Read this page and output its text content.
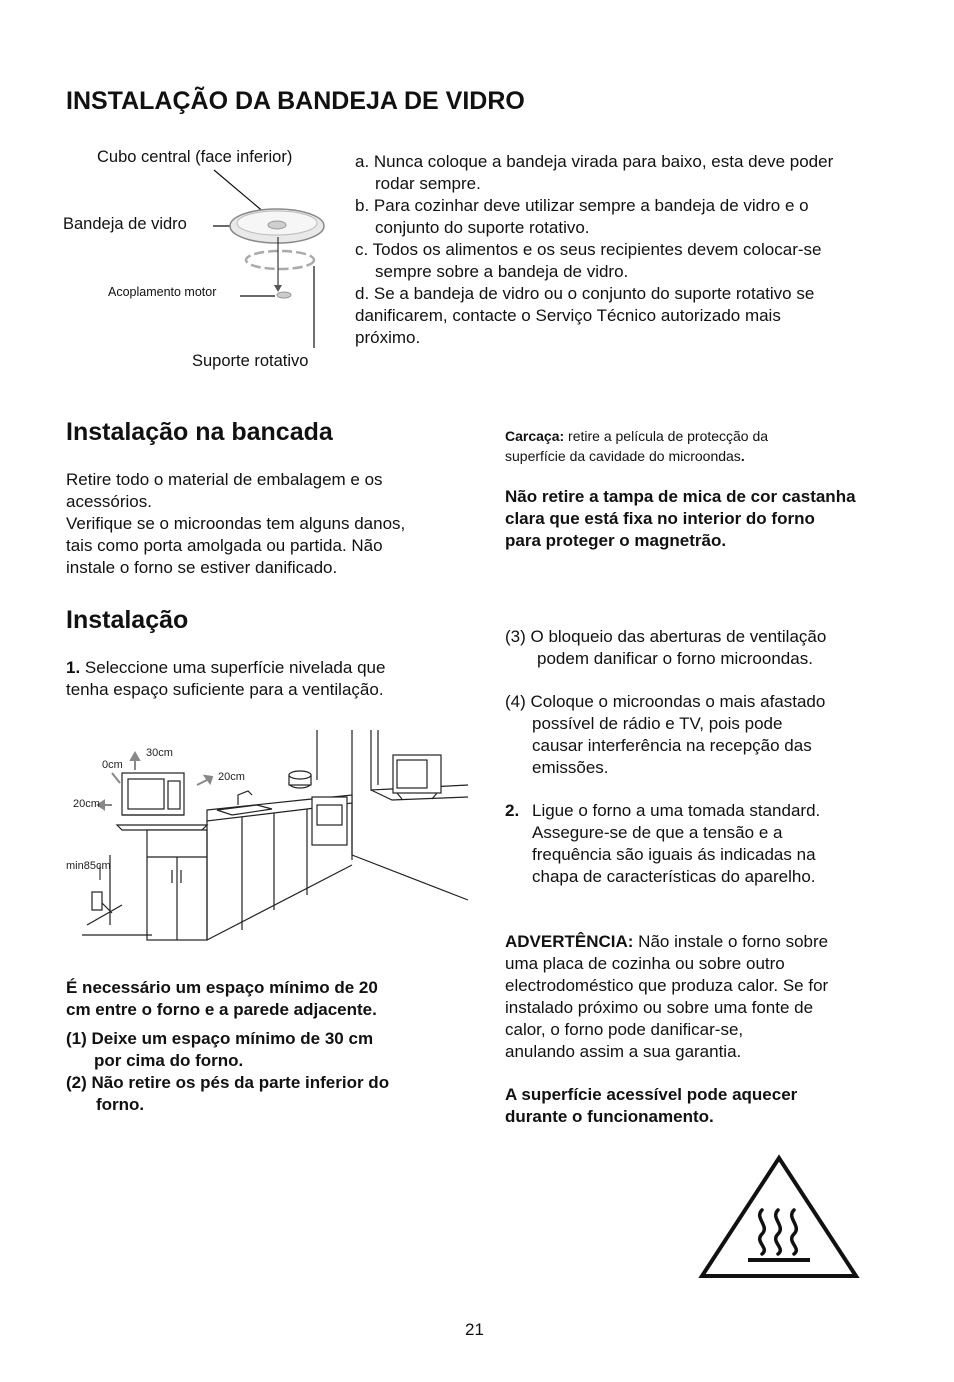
INSTALAÇÃO DA BANDEJA DE VIDRO
Cubo central (face inferior)
Bandeja de vidro
Acoplamento motor
Suporte rotativo
a. Nunca coloque a bandeja virada para baixo, esta deve poder
rodar sempre.
b. Para cozinhar deve utilizar sempre a bandeja de vidro e o
conjunto do suporte rotativo.
c. Todos os alimentos e os seus recipientes devem colocar-se
sempre sobre a bandeja de vidro.
d. Se a bandeja de vidro ou o conjunto do suporte rotativo se
danificarem, contacte o Serviço Técnico autorizado mais
próximo.
Instalação na bancada
Retire todo o material de embalagem e os
acessórios.
Verifique se o microondas tem alguns danos,
tais como porta amolgada ou partida. Não
instale o forno se estiver danificado.
Carcaça: retire a película de protecção da
superfície da cavidade do microondas.
Não retire a tampa de mica de cor castanha
clara que está fixa no interior do forno
para proteger o magnetrão.
Instalação
1. Seleccione uma superfície nivelada que
tenha espaço suficiente para a ventilação.
30cm
0cm
20cm
20cm
min85cm
É necessário um espaço mínimo de 20
cm entre o forno e a parede adjacente.
(1) Deixe um espaço mínimo de 30 cm
por cima do forno.
(2) Não retire os pés da parte inferior do
forno.
(3) O bloqueio das aberturas de ventilação
podem danificar o forno microondas.
(4) Coloque o microondas o mais afastado
possível de rádio e TV, pois pode
causar interferência na recepção das
emissões.
2. Ligue o forno a uma tomada standard.
Assegure-se de que a tensão e a
frequência são iguais ás indicadas na
chapa de características do aparelho.
ADVERTÊNCIA: Não instale o forno sobre
uma placa de cozinha ou sobre outro
electrodoméstico que produza calor. Se for
instalado próximo ou sobre uma fonte de
calor, o forno pode danificar-se,
anulando assim a sua garantia.
A superfície acessível pode aquecer
durante o funcionamento.
21
